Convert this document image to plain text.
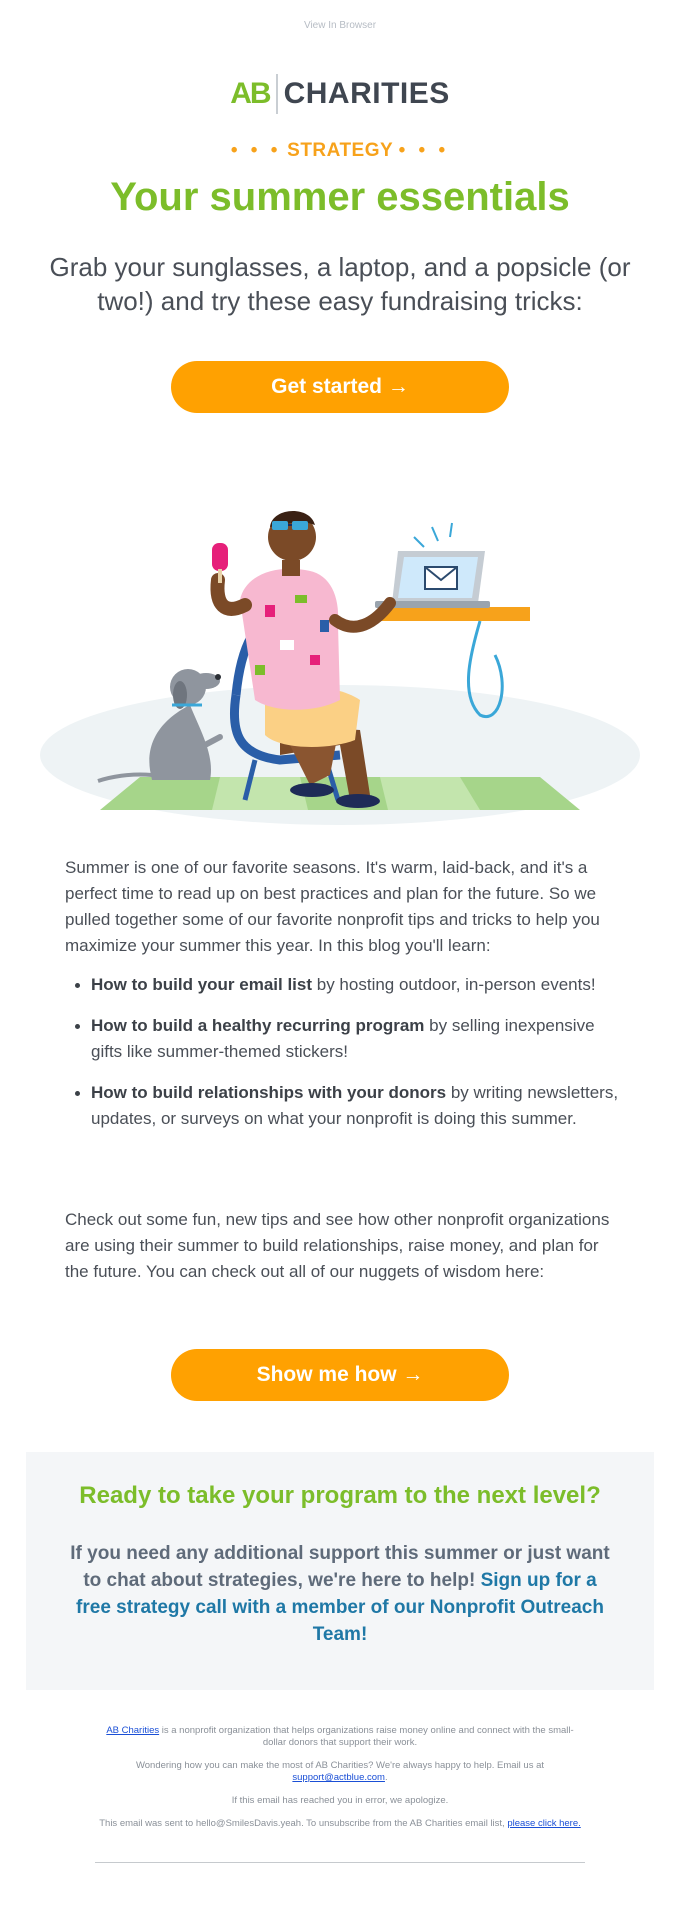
View In Browser
AB CHARITIES
• • • STRATEGY • • •
Your summer essentials

Grab your sunglasses, a laptop, and a popsicle (or two!) and try these easy fundraising tricks:

Get started →

Summer is one of our favorite seasons. It's warm, laid-back, and it's a perfect time to read up on best practices and plan for the future. So we pulled together some of our favorite nonprofit tips and tricks to help you maximize your summer this year. In this blog you'll learn:

How to build your email list by hosting outdoor, in-person events!
How to build a healthy recurring program by selling inexpensive gifts like summer-themed stickers!
How to build relationships with your donors by writing newsletters, updates, or surveys on what your nonprofit is doing this summer.

Check out some fun, new tips and see how other nonprofit organizations are using their summer to build relationships, raise money, and plan for the future. You can check out all of our nuggets of wisdom here:

Show me how →
Ready to take your program to the next level?

If you need any additional support this summer or just want to chat about strategies, we're here to help! Sign up for a free strategy call with a member of our Nonprofit Outreach Team!

AB Charities is a nonprofit organization that helps organizations raise money online and connect with the small-dollar donors that support their work.

Wondering how you can make the most of AB Charities? We're always happy to help. Email us at support@actblue.com.

If this email has reached you in error, we apologize.

This email was sent to hello@SmilesDavis.yeah. To unsubscribe from the AB Charities email list, please click here.
